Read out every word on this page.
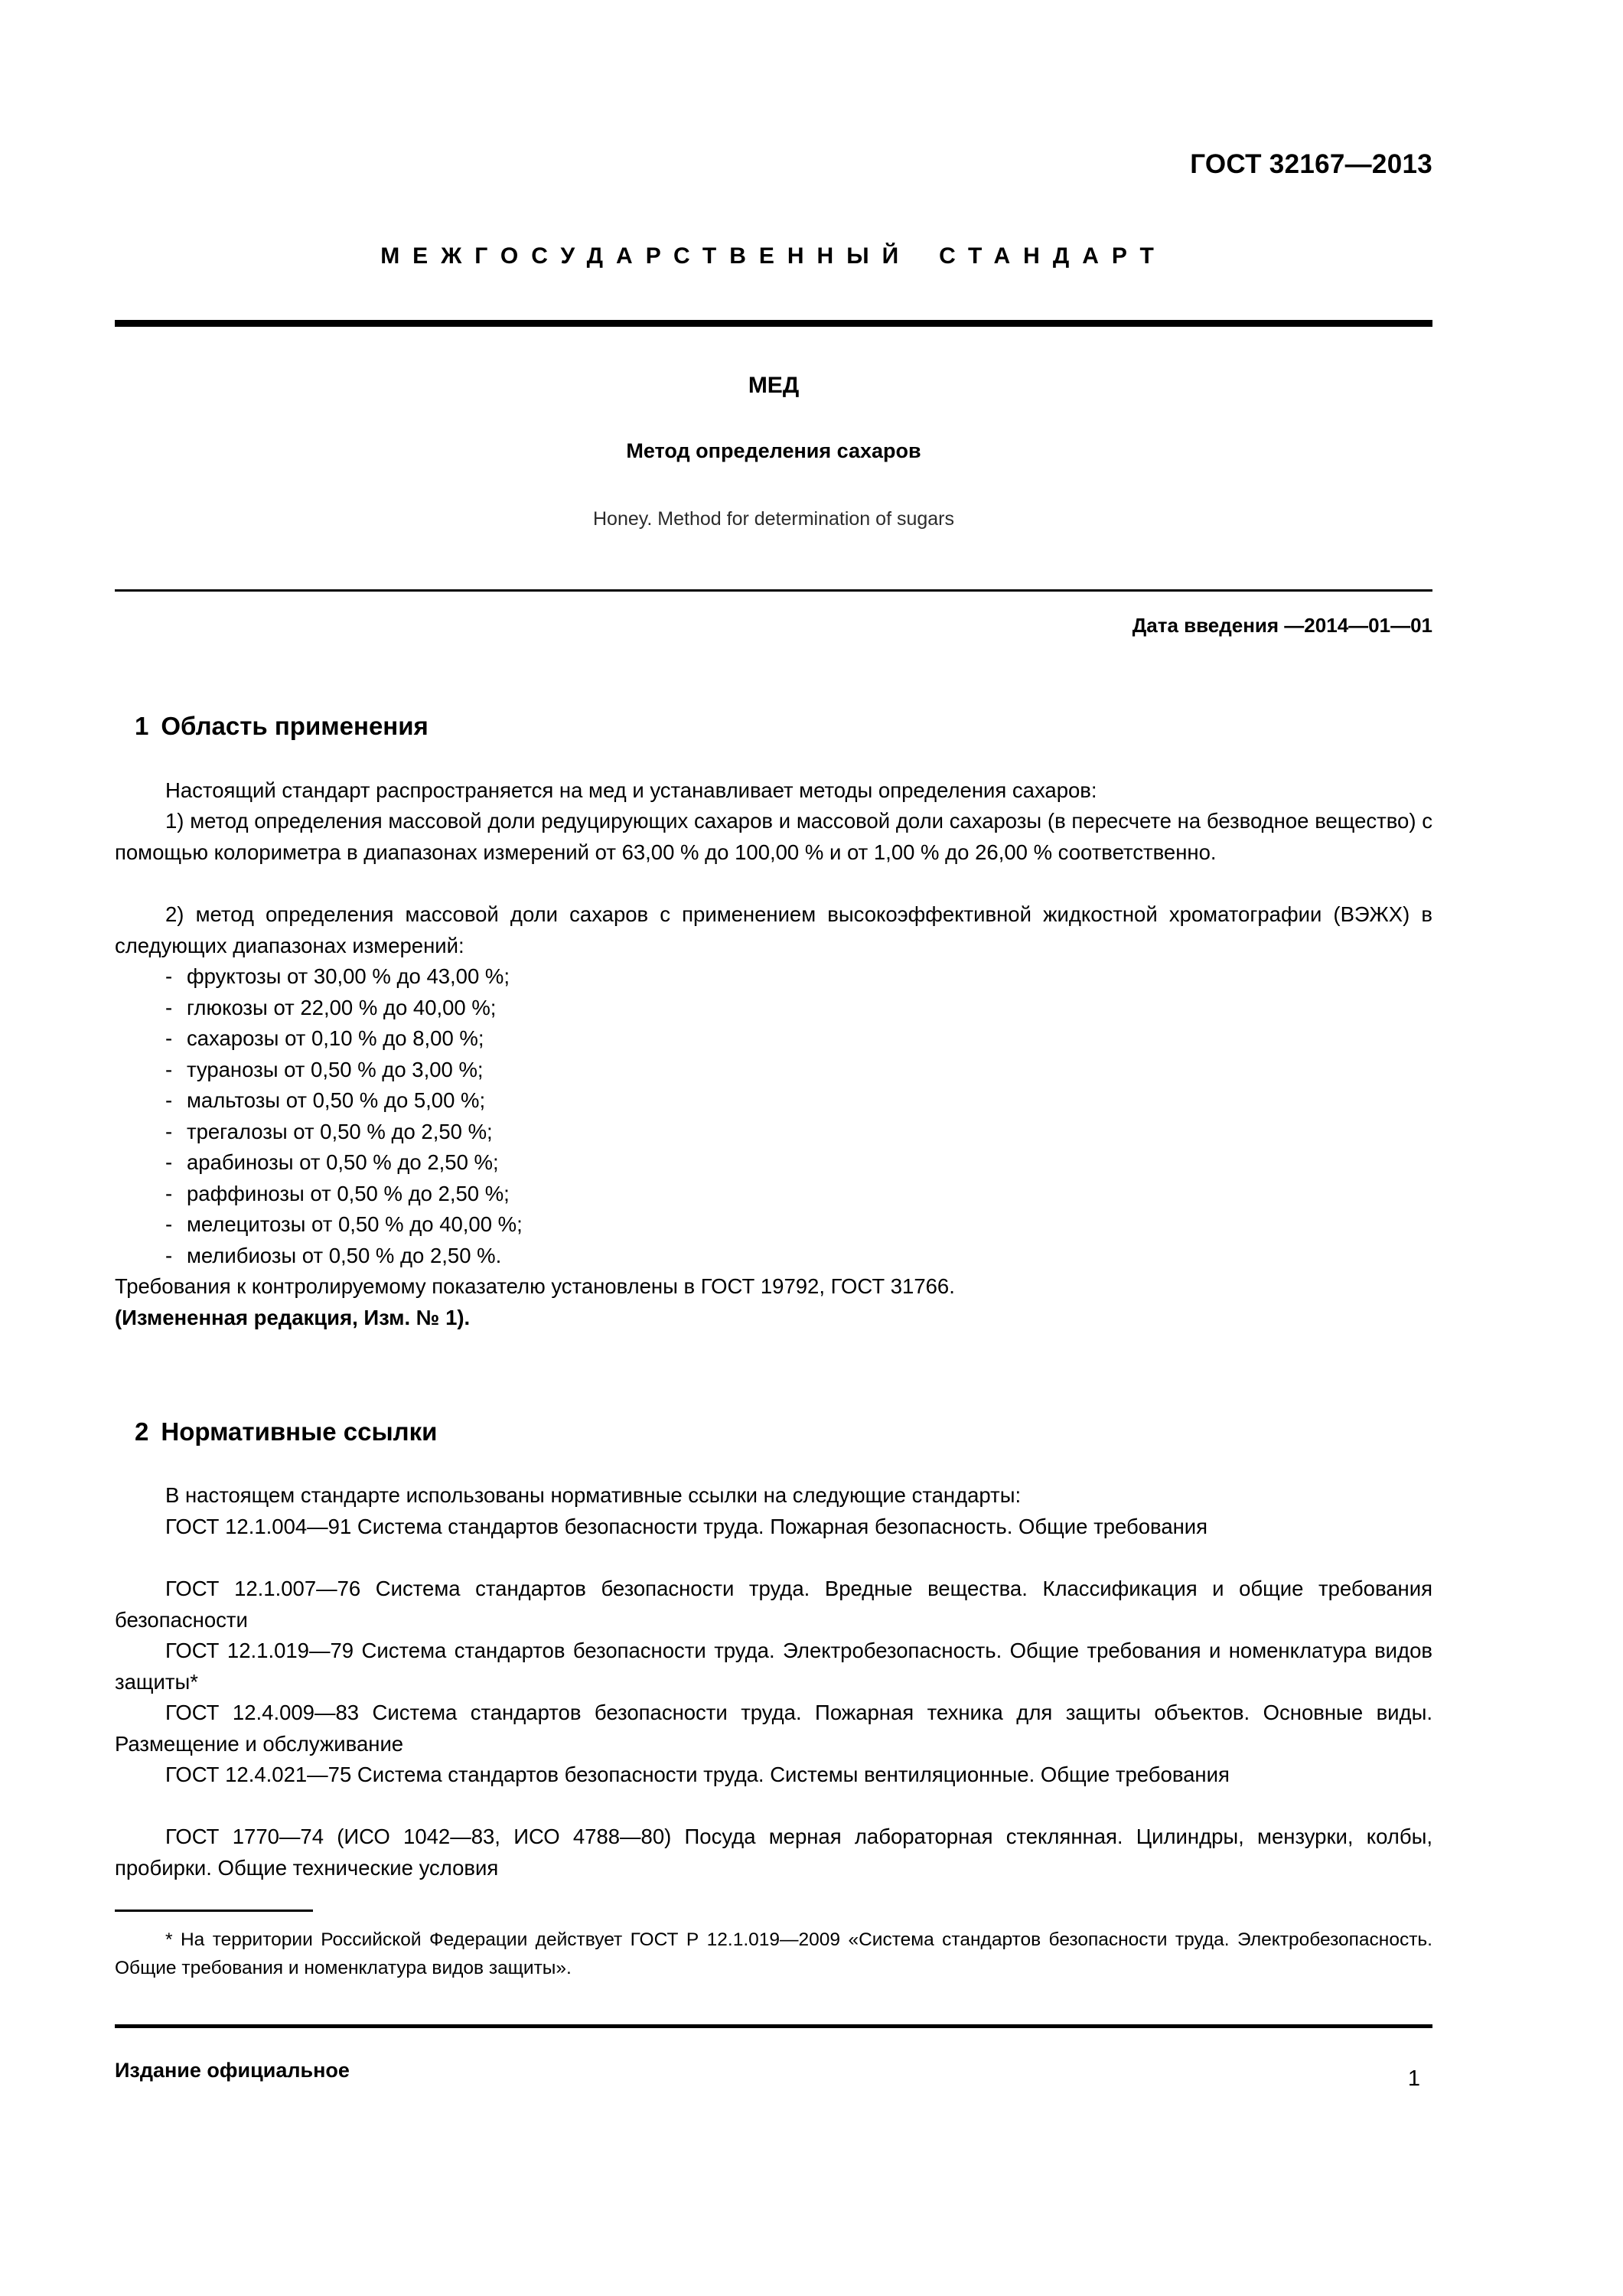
ГОСТ 32167—2013
МЕЖГОСУДАРСТВЕННЫЙ СТАНДАРТ
МЕД
Метод определения сахаров
Honey. Method for determination of sugars
Дата введения —2014—01—01
1 Область применения

Настоящий стандарт распространяется на мед и устанавливает методы определения сахаров:

1) метод определения массовой доли редуцирующих сахаров и массовой доли сахарозы (в пересчете на безводное вещество) с помощью колориметра в диапазонах измерений от 63,00 % до 100,00 % и от 1,00 % до 26,00 % соответственно.

2) метод определения массовой доли сахаров с применением высокоэффективной жидкостной хроматографии (ВЭЖХ) в следующих диапазонах измерений:

- фруктозы от 30,00 % до 43,00 %;
- глюкозы от 22,00 % до 40,00 %;
- сахарозы от 0,10 % до 8,00 %;
- туранозы от 0,50 % до 3,00 %;
- мальтозы от 0,50 % до 5,00 %;
- трегалозы от 0,50 % до 2,50 %;
- арабинозы от 0,50 % до 2,50 %;
- раффинозы от 0,50 % до 2,50 %;
- мелецитозы от 0,50 % до 40,00 %;
- мелибиозы от 0,50 % до 2,50 %.

Требования к контролируемому показателю установлены в ГОСТ 19792, ГОСТ 31766.

(Измененная редакция, Изм. № 1).

2 Нормативные ссылки

В настоящем стандарте использованы нормативные ссылки на следующие стандарты:

ГОСТ 12.1.004—91 Система стандартов безопасности труда. Пожарная безопасность. Общие требования

ГОСТ 12.1.007—76 Система стандартов безопасности труда. Вредные вещества. Классификация и общие требования безопасности

ГОСТ 12.1.019—79 Система стандартов безопасности труда. Электробезопасность. Общие требования и номенклатура видов защиты*

ГОСТ 12.4.009—83 Система стандартов безопасности труда. Пожарная техника для защиты объектов. Основные виды. Размещение и обслуживание

ГОСТ 12.4.021—75 Система стандартов безопасности труда. Системы вентиляционные. Общие требования

ГОСТ 1770—74 (ИСО 1042—83, ИСО 4788—80) Посуда мерная лабораторная стеклянная. Цилиндры, мензурки, колбы, пробирки. Общие технические условия

* На территории Российской Федерации действует ГОСТ Р 12.1.019—2009 «Система стандартов безопасности труда. Электробезопасность. Общие требования и номенклатура видов защиты».

Издание официальное	1
